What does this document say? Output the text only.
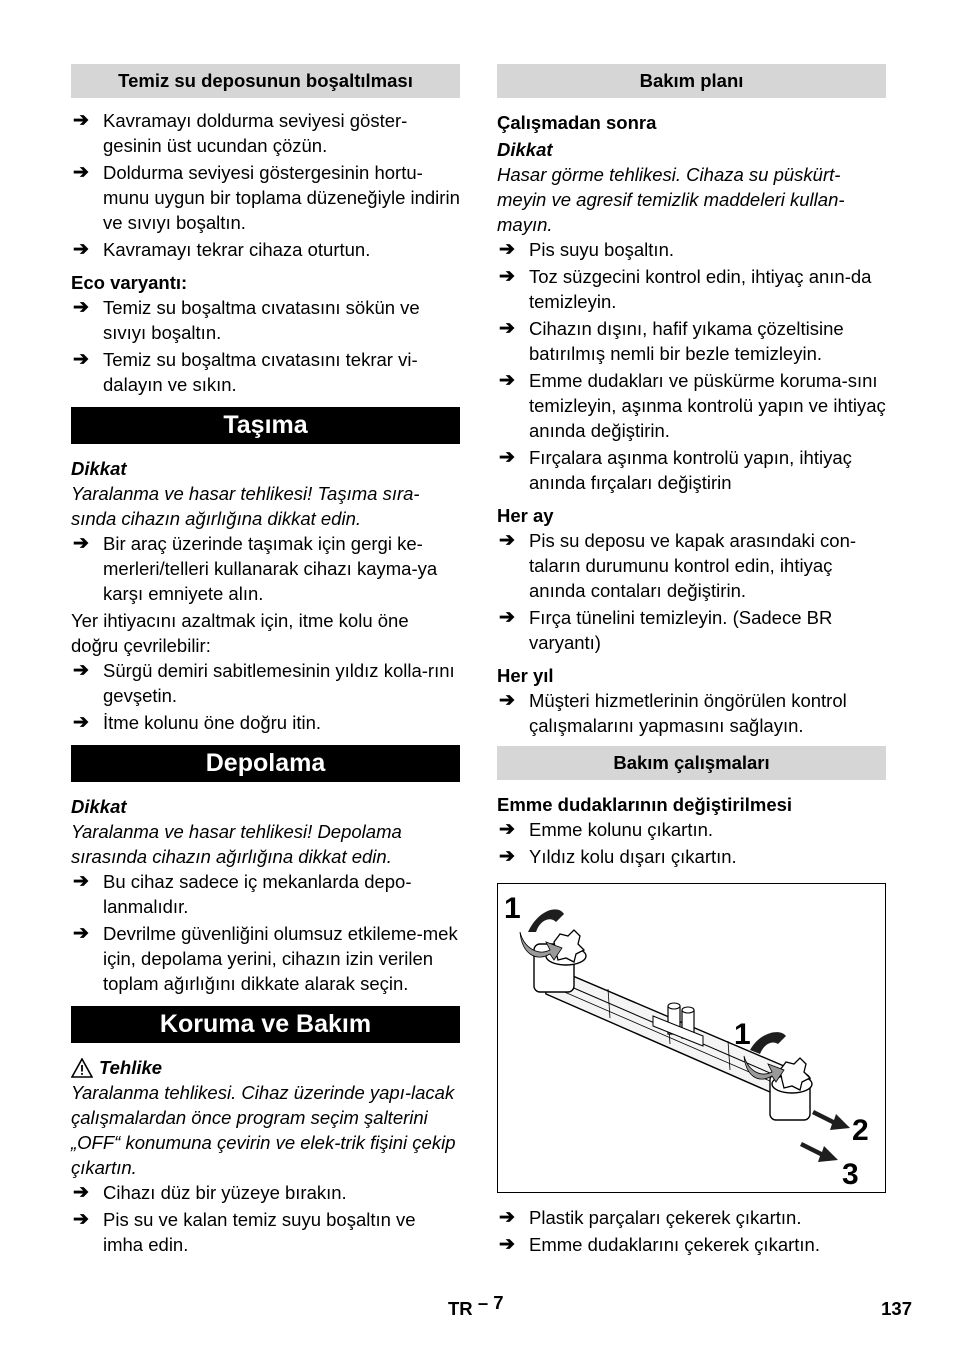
Temiz su deposunun boşaltılması
➔ Kavramayı doldurma seviyesi göster-gesinin üst ucundan çözün.
➔ Doldurma seviyesi göstergesinin hortu-munu uygun bir toplama düzeneğiyle indirin ve sıvıyı boşaltın.
➔ Kavramayı tekrar cihaza oturtun.
Eco varyantı:
➔ Temiz su boşaltma cıvatasını sökün ve sıvıyı boşaltın.
➔ Temiz su boşaltma cıvatasını tekrar vi-dalayın ve sıkın.
Taşıma
Dikkat
Yaralanma ve hasar tehlikesi! Taşıma sıra-sında cihazın ağırlığına dikkat edin.
➔ Bir araç üzerinde taşımak için gergi ke-merleri/telleri kullanarak cihazı kayma-ya karşı emniyete alın.
Yer ihtiyacını azaltmak için, itme kolu öne doğru çevrilebilir:
➔ Sürgü demiri sabitlemesinin yıldız kolla-rını gevşetin.
➔ İtme kolunu öne doğru itin.
Depolama
Dikkat
Yaralanma ve hasar tehlikesi! Depolama sırasında cihazın ağırlığına dikkat edin.
➔ Bu cihaz sadece iç mekanlarda depo-lanmalıdır.
➔ Devrilme güvenliğini olumsuz etkileme-mek için, depolama yerini, cihazın izin verilen toplam ağırlığını dikkate alarak seçin.
Koruma ve Bakım
Tehlike
Yaralanma tehlikesi. Cihaz üzerinde yapı-lacak çalışmalardan önce program seçim şalterini „OFF“ konumuna çevirin ve elek-trik fişini çekip çıkartın.
➔ Cihazı düz bir yüzeye bırakın.
➔ Pis su ve kalan temiz suyu boşaltın ve imha edin.
Bakım planı
Çalışmadan sonra
Dikkat
Hasar görme tehlikesi. Cihaza su püskürt-meyin ve agresif temizlik maddeleri kullan-mayın.
➔ Pis suyu boşaltın.
➔ Toz süzgecini kontrol edin, ihtiyaç anın-da temizleyin.
➔ Cihazın dışını, hafif yıkama çözeltisine batırılmış nemli bir bezle temizleyin.
➔ Emme dudakları ve püskürme koruma-sını temizleyin, aşınma kontrolü yapın ve ihtiyaç anında değiştirin.
➔ Fırçalara aşınma kontrolü yapın, ihtiyaç anında fırçaları değiştirin
Her ay
➔ Pis su deposu ve kapak arasındaki con-taların durumunu kontrol edin, ihtiyaç anında contaları değiştirin.
➔ Fırça tünelini temizleyin. (Sadece BR varyantı)
Her yıl
➔ Müşteri hizmetlerinin öngörülen kontrol çalışmalarını yapmasını sağlayın.
Bakım çalışmaları
Emme dudaklarının değiştirilmesi
➔ Emme kolunu çıkartın.
➔ Yıldız kolu dışarı çıkartın.
1
1
2
3
➔ Plastik parçaları çekerek çıkartın.
➔ Emme dudaklarını çekerek çıkartın.
TR – 7	137
